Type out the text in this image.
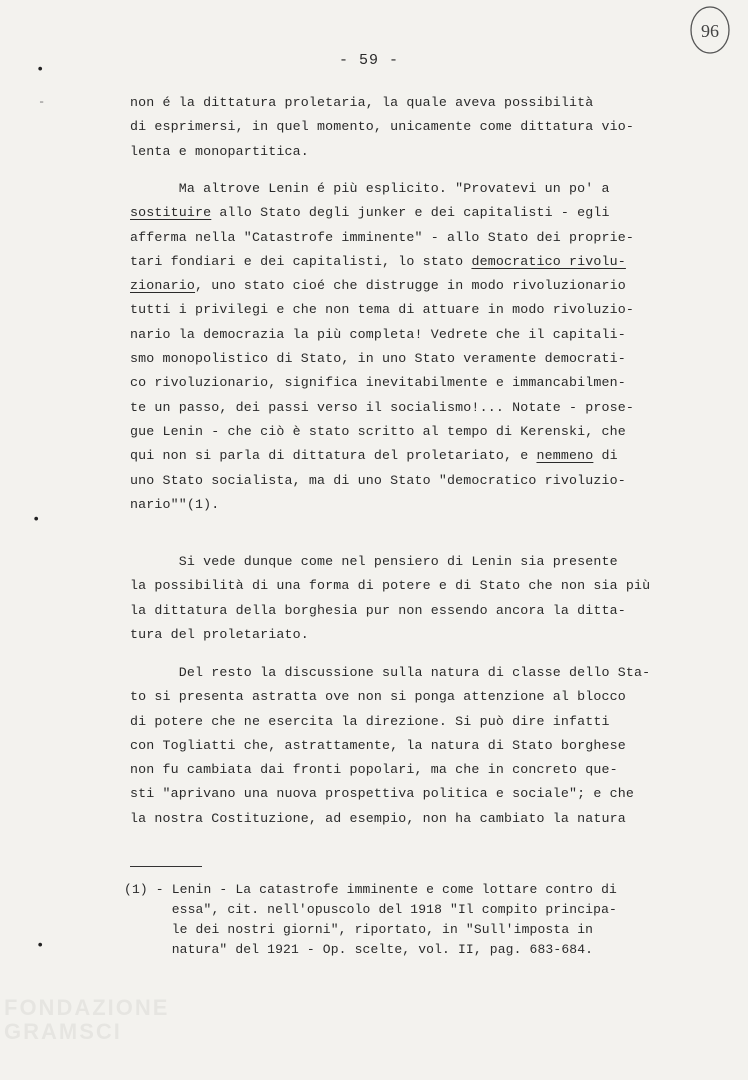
96
- 59 -
•
-
•
•
non é la dittatura proletaria, la quale aveva possibilità
di esprimersi, in quel momento, unicamente come dittatura vio-
lenta e monopartitica.
Ma altrove Lenin é più esplicito. "Provatevi un po' a
sostituire allo Stato degli junker e dei capitalisti - egli
afferma nella "Catastrofe imminente" - allo Stato dei proprie-
tari fondiari e dei capitalisti, lo stato democratico rivolu-
zionario, uno stato cioé che distrugge in modo rivoluzionario
tutti i privilegi e che non tema di attuare in modo rivoluzio-
nario la democrazia la più completa! Vedrete che il capitali-
smo monopolistico di Stato, in uno Stato veramente democrati-
co rivoluzionario, significa inevitabilmente e immancabilmen-
te un passo, dei passi verso il socialismo!... Notate - prose-
gue Lenin - che ciò è stato scritto al tempo di Kerenski, che
qui non si parla di dittatura del proletariato, e nemmeno di
uno Stato socialista, ma di uno Stato "democratico rivoluzio-
nario""(1).
Si vede dunque come nel pensiero di Lenin sia presente
la possibilità di una forma di potere e di Stato che non sia più
la dittatura della borghesia pur non essendo ancora la ditta-
tura del proletariato.
Del resto la discussione sulla natura di classe dello Sta-
to si presenta astratta ove non si ponga attenzione al blocco
di potere che ne esercita la direzione. Si può dire infatti
con Togliatti che, astrattamente, la natura di Stato borghese
non fu cambiata dai fronti popolari, ma che in concreto que-
sti "aprivano una nuova prospettiva politica e sociale"; e che
la nostra Costituzione, ad esempio, non ha cambiato la natura
(1) - Lenin - La catastrofe imminente e come lottare contro di
essa", cit. nell'opuscolo del 1918 "Il compito principa-
le dei nostri giorni", riportato, in "Sull'imposta in
natura" del 1921 - Op. scelte, vol. II, pag. 683-684.
FONDAZIONE
GRAMSCI
